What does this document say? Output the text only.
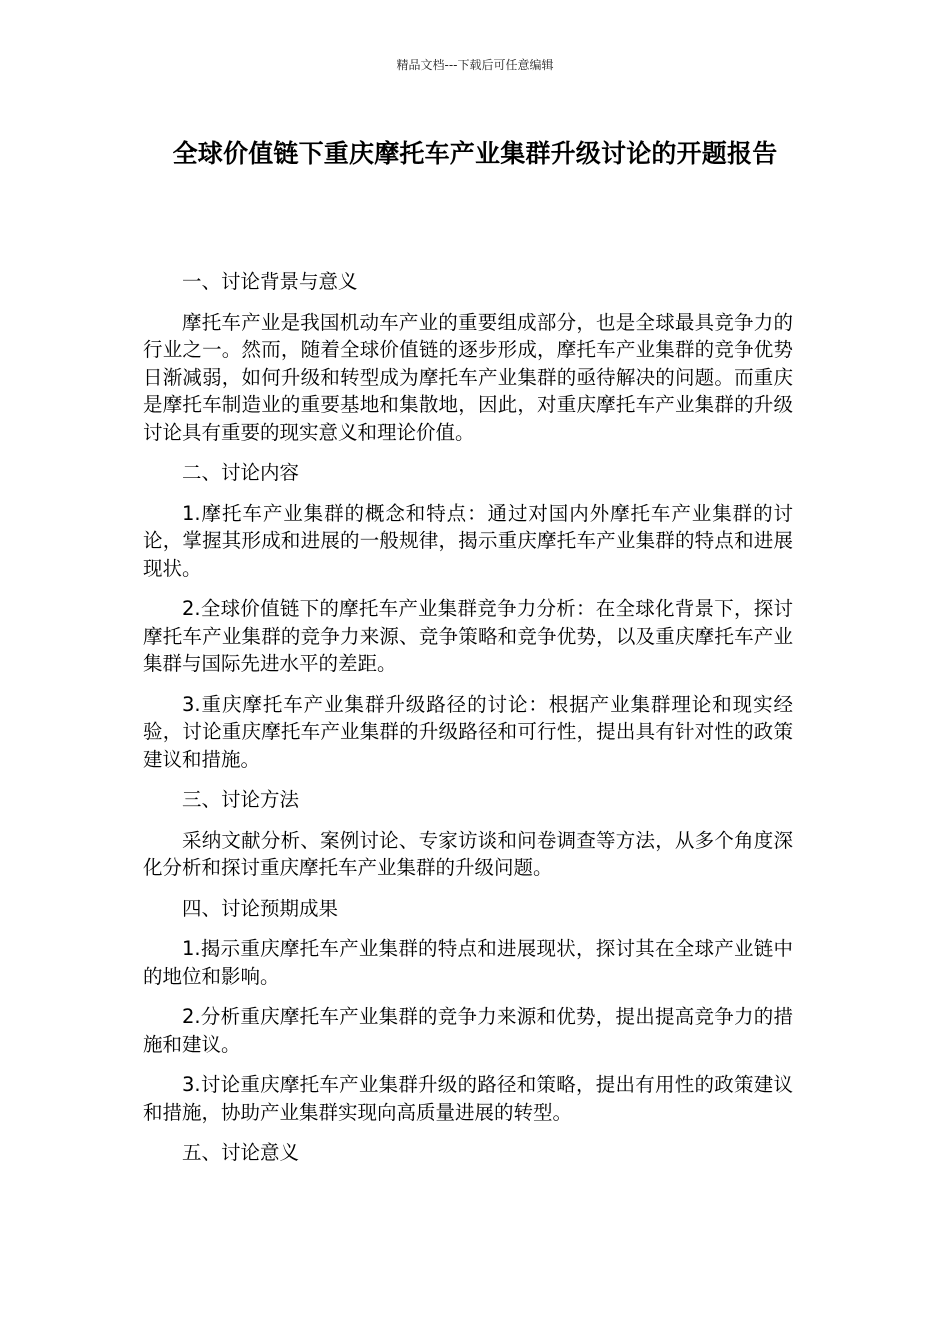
精品文档---下载后可任意编辑
全球价值链下重庆摩托车产业集群升级讨论的开题报告
一、讨论背景与意义

摩托车产业是我国机动车产业的重要组成部分，也是全球最具竞争力的行业之一。然而，随着全球价值链的逐步形成，摩托车产业集群的竞争优势日渐减弱，如何升级和转型成为摩托车产业集群的亟待解决的问题。而重庆是摩托车制造业的重要基地和集散地，因此，对重庆摩托车产业集群的升级讨论具有重要的现实意义和理论价值。

二、讨论内容

1.摩托车产业集群的概念和特点：通过对国内外摩托车产业集群的讨论，掌握其形成和进展的一般规律，揭示重庆摩托车产业集群的特点和进展现状。

2.全球价值链下的摩托车产业集群竞争力分析：在全球化背景下，探讨摩托车产业集群的竞争力来源、竞争策略和竞争优势，以及重庆摩托车产业集群与国际先进水平的差距。

3.重庆摩托车产业集群升级路径的讨论：根据产业集群理论和现实经验，讨论重庆摩托车产业集群的升级路径和可行性，提出具有针对性的政策建议和措施。

三、讨论方法

采纳文献分析、案例讨论、专家访谈和问卷调查等方法，从多个角度深化分析和探讨重庆摩托车产业集群的升级问题。

四、讨论预期成果

1.揭示重庆摩托车产业集群的特点和进展现状，探讨其在全球产业链中的地位和影响。

2.分析重庆摩托车产业集群的竞争力来源和优势，提出提高竞争力的措施和建议。

3.讨论重庆摩托车产业集群升级的路径和策略，提出有用性的政策建议和措施，协助产业集群实现向高质量进展的转型。

五、讨论意义
